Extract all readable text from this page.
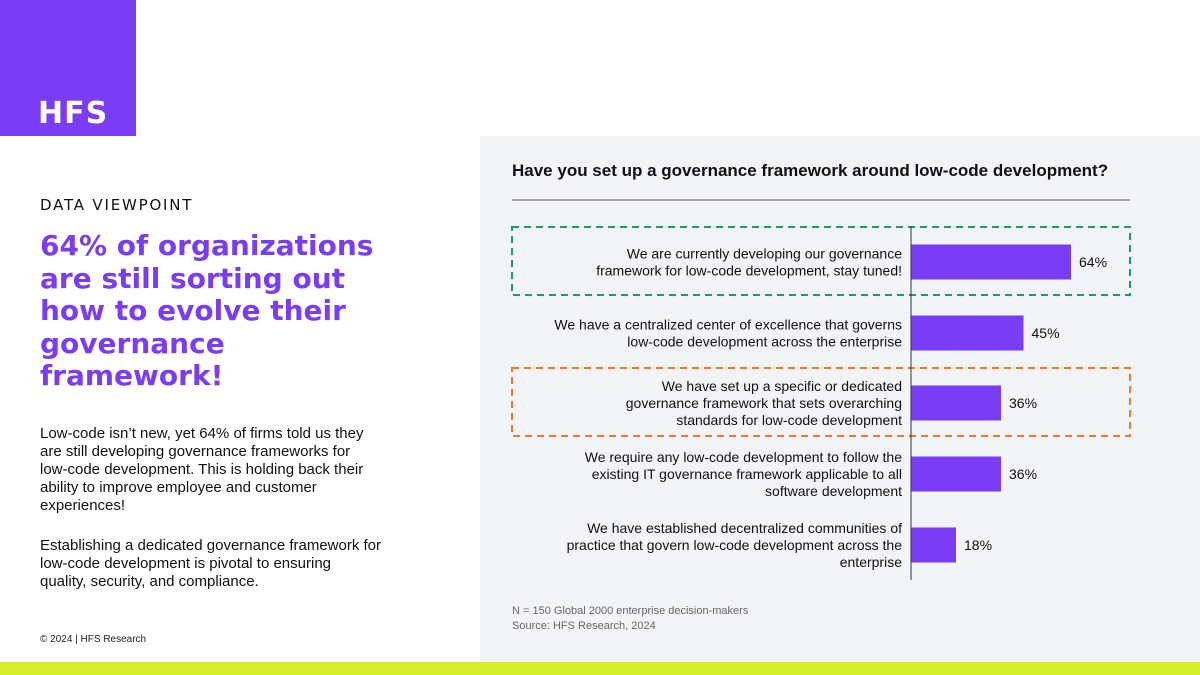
HFS
DATA VIEWPOINT
64% of organizations
are still sorting out
how to evolve their
governance
framework!
Low-code isn’t new, yet 64% of firms told us they
are still developing governance frameworks for
low-code development. This is holding back their
ability to improve employee and customer
experiences!
Establishing a dedicated governance framework for
low-code development is pivotal to ensuring
quality, security, and compliance.
© 2024 | HFS Research
Have you set up a governance framework around low-code development?
64%
We are currently developing our governance
framework for low-code development, stay tuned!
45%
We have a centralized center of excellence that governs
low-code development across the enterprise
36%
We have set up a specific or dedicated
governance framework that sets overarching
standards for low-code development
36%
We require any low-code development to follow the
existing IT governance framework applicable to all
software development
18%
We have established decentralized communities of
practice that govern low-code development across the
enterprise
N = 150 Global 2000 enterprise decision-makers
Source: HFS Research, 2024
